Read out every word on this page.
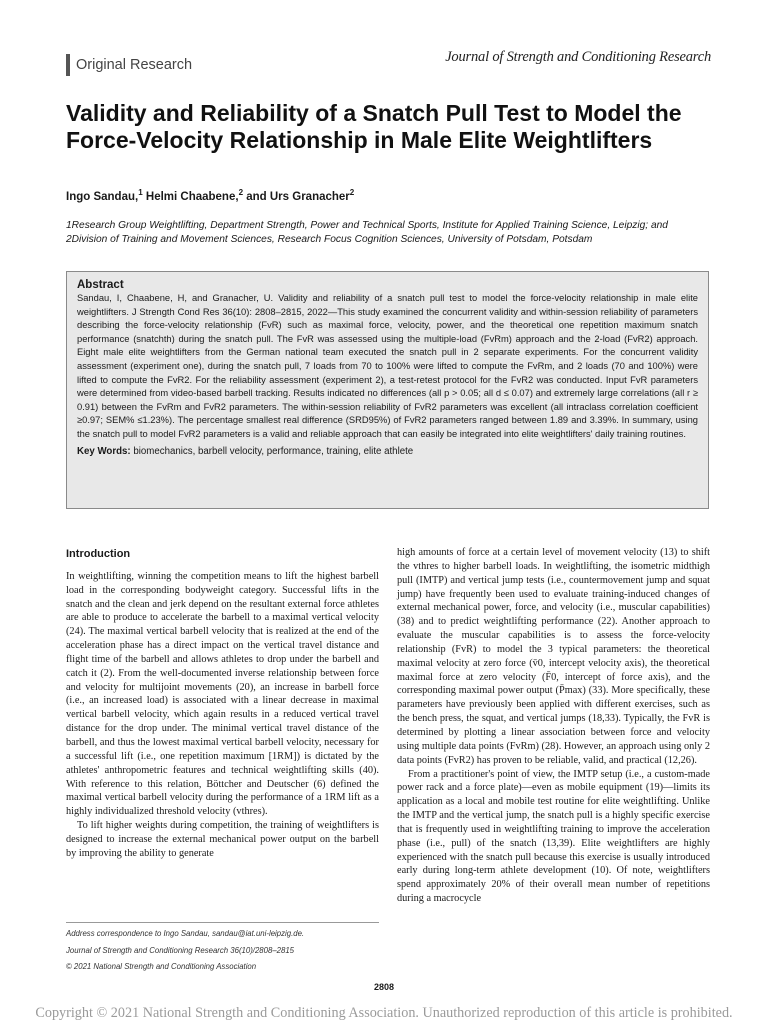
Original Research	Journal of Strength and Conditioning Research
Validity and Reliability of a Snatch Pull Test to Model the Force-Velocity Relationship in Male Elite Weightlifters

Ingo Sandau,$^1$ Helmi Chaabene,$^2$ and Urs Granacher$^2$

1Research Group Weightlifting, Department Strength, Power and Technical Sports, Institute for Applied Training Science, Leipzig; and
2Division of Training and Movement Sciences, Research Focus Cognition Sciences, University of Potsdam, Potsdam

Abstract

Sandau, I, Chaabene, H, and Granacher, U. Validity and reliability of a snatch pull test to model the force-velocity relationship in male elite weightlifters. J Strength Cond Res 36(10): 2808–2815, 2022—This study examined the concurrent validity and within-session reliability of parameters describing the force-velocity relationship (FvR) such as maximal force, velocity, power, and the theoretical one repetition maximum snatch performance (snatchth) during the snatch pull. The FvR was assessed using the multiple-load (FvRm) approach and the 2-load (FvR2) approach. Eight male elite weightlifters from the German national team executed the snatch pull in 2 separate experiments. For the concurrent validity assessment (experiment one), during the snatch pull, 7 loads from 70 to 100% were lifted to compute the FvRm, and 2 loads (70 and 100%) were lifted to compute the FvR2. For the reliability assessment (experiment 2), a test-retest protocol for the FvR2 was conducted. Input FvR parameters were determined from video-based barbell tracking. Results indicated no differences (all p > 0.05; all d ≤ 0.07) and extremely large correlations (all r ≥ 0.91) between the FvRm and FvR2 parameters. The within-session reliability of FvR2 parameters was excellent (all intraclass correlation coefficient ≥0.97; SEM% ≤1.23%). The percentage smallest real difference (SRD95%) of FvR2 parameters ranged between 1.89 and 3.39%. In summary, using the snatch pull to model FvR2 parameters is a valid and reliable approach that can easily be integrated into elite weightlifters' daily training routines.

Key Words: biomechanics, barbell velocity, performance, training, elite athlete
Introduction

In weightlifting, winning the competition means to lift the highest barbell load in the corresponding bodyweight category. Successful lifts in the snatch and the clean and jerk depend on the resultant external force athletes are able to produce to accelerate the barbell to a maximal vertical velocity (24). The maximal vertical barbell velocity that is realized at the end of the acceleration phase has a direct impact on the vertical travel distance and flight time of the barbell and allows athletes to drop under the barbell and catch it (2). From the well-documented inverse relationship between force and velocity for multijoint movements (20), an increase in barbell force (i.e., an increased load) is associated with a linear decrease in maximal vertical barbell velocity, which again results in a reduced vertical travel distance for the drop under. The minimal vertical travel distance of the barbell, and thus the lowest maximal vertical barbell velocity, necessary for a successful lift (i.e., one repetition maximum [1RM]) is dictated by the athletes' anthropometric features and technical weightlifting skills (40). With reference to this relation, Böttcher and Deutscher (6) defined the maximal vertical barbell velocity during the performance of a 1RM lift as a highly individualized threshold velocity (vthres).

To lift higher weights during competition, the training of weightlifters is designed to increase the external mechanical power output on the barbell by improving the ability to generate

high amounts of force at a certain level of movement velocity (13) to shift the vthres to higher barbell loads. In weightlifting, the isometric midthigh pull (IMTP) and vertical jump tests (i.e., countermovement jump and squat jump) have frequently been used to evaluate training-induced changes of external mechanical power, force, and velocity (i.e., muscular capabilities) (38) and to predict weightlifting performance (22). Another approach to evaluate the muscular capabilities is to assess the force-velocity relationship (FvR) to model the 3 typical parameters: the theoretical maximal velocity at zero force (v̄0, intercept velocity axis), the theoretical maximal force at zero velocity (F̄0, intercept of force axis), and the corresponding maximal power output (P̄max) (33). More specifically, these parameters have previously been applied with different exercises, such as the bench press, the squat, and vertical jumps (18,33). Typically, the FvR is determined by plotting a linear association between force and velocity using multiple data points (FvRm) (28). However, an approach using only 2 data points (FvR2) has proven to be reliable, valid, and practical (12,26).

From a practitioner's point of view, the IMTP setup (i.e., a custom-made power rack and a force plate)—even as mobile equipment (19)—limits its application as a local and mobile test routine for elite weightlifting. Unlike the IMTP and the vertical jump, the snatch pull is a highly specific exercise that is frequently used in weightlifting training to improve the acceleration phase (i.e., pull) of the snatch (13,39). Elite weightlifters are highly experienced with the snatch pull because this exercise is usually introduced early during long-term athlete development (10). Of note, weightlifters spend approximately 20% of their overall mean number of repetitions during a macrocycle

Address correspondence to Ingo Sandau, sandau@iat.uni-leipzig.de.
Journal of Strength and Conditioning Research 36(10)/2808–2815
© 2021 National Strength and Conditioning Association
2808
Copyright © 2021 National Strength and Conditioning Association. Unauthorized reproduction of this article is prohibited.
